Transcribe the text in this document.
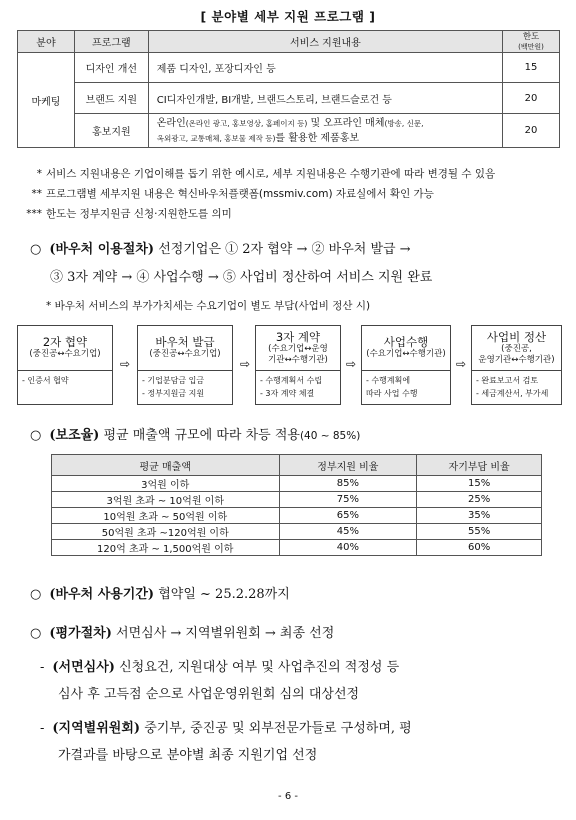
[ 분야별 세부 지원 프로그램 ]
분야	프로그램	서비스 지원내용	한도
(백만원)

마케팅	디자인 개선	제품 디자인, 포장디자인 등	15
	브랜드 지원	CI디자인개발, BI개발, 브랜드스토리, 브랜드슬로건 등	20
	홍보지원	온라인(온라인 광고, 홍보영상, 홈페이지 등) 및 오프라인 매체(방송, 신문,
옥외광고, 교통매체, 홍보물 제작 등)를 활용한 제품홍보	20
* 서비스 지원내용은 기업이해를 돕기 위한 예시로, 세부 지원내용은 수행기관에 따라 변경될 수 있음
** 프로그램별 세부지원 내용은 혁신바우처플랫폼(mssmiv.com) 자료실에서 확인 가능
*** 한도는 정부지원금 신청·지원한도를 의미
○ (바우처 이용절차) 선정기업은 ① 2자 협약 → ② 바우처 발급 →
③ 3자 계약 → ④ 사업수행 → ⑤ 사업비 정산하여 서비스 지원 완료
* 바우처 서비스의 부가가치세는 수요기업이 별도 부담(사업비 정산 시)
2자 협약
(중진공↔수요기업)
- 인증서 협약
⇨
바우처 발급
(중진공↔수요기업)
- 기업분담금 입금
- 정부지원금 지원
⇨
3자 계약
(수요기업↔운영
기관↔수행기관)
- 수행계획서 수립
- 3자 계약 체결
⇨
사업수행
(수요기업↔수행기관)
- 수행계획에
따라 사업 수행
⇨
사업비 정산
(중진공,
운영기관↔수행기관)
- 완료보고서 검토
- 세금계산서, 부가세
○ (보조율) 평균 매출액 규모에 따라 차등 적용(40 ~ 85%)
평균 매출액	정부지원 비율	자기부담 비율
3억원 이하	85%	15%
3억원 초과 ~ 10억원 이하	75%	25%
10억원 초과 ~ 50억원 이하	65%	35%
50억원 초과 ~120억원 이하	45%	55%
120억 초과 ~ 1,500억원 이하	40%	60%
○ (바우처 사용기간) 협약일 ~ 25.2.28까지
○ (평가절차) 서면심사 → 지역별위원회 → 최종 선정
- (서면심사) 신청요건, 지원대상 여부 및 사업추진의 적정성 등
심사 후 고득점 순으로 사업운영위원회 심의 대상선정
- (지역별위원회) 중기부, 중진공 및 외부전문가들로 구성하며, 평
가결과를 바탕으로 분야별 최종 지원기업 선정
- 6 -
